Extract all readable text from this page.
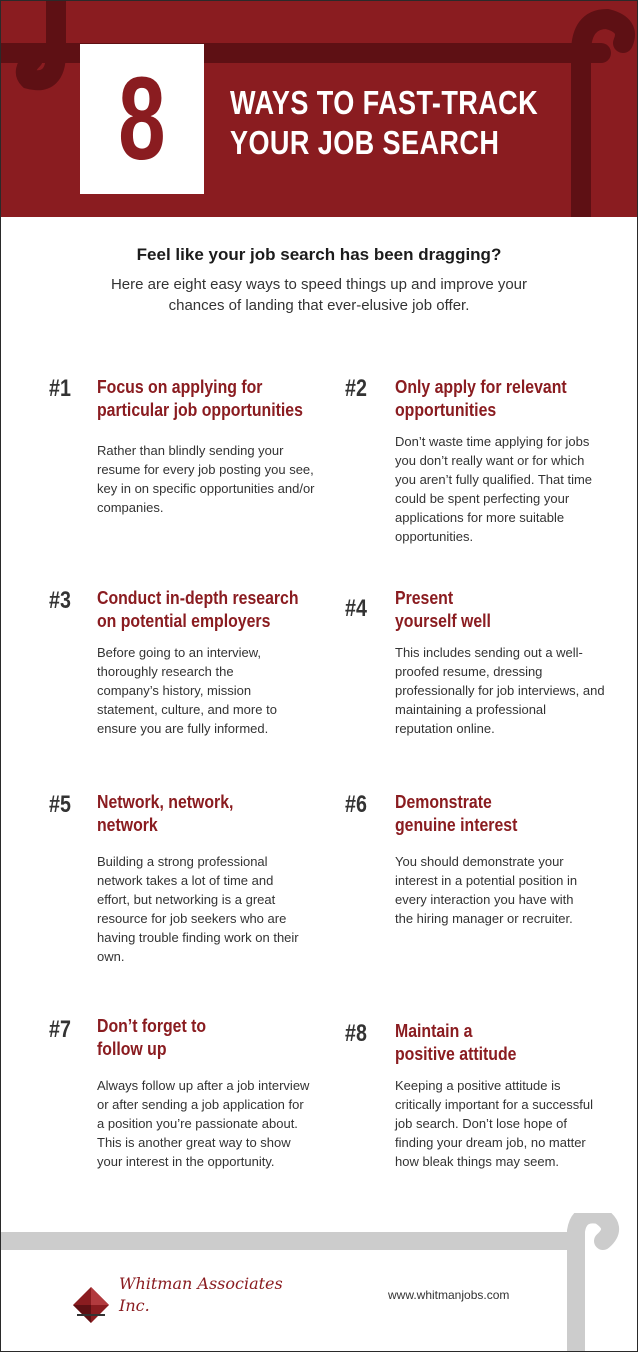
8 WAYS TO FAST-TRACK
YOUR JOB SEARCH
Feel like your job search has been dragging?
Here are eight easy ways to speed things up and improve your chances of landing that ever-elusive job offer.
#1 Focus on applying for particular job opportunities
Rather than blindly sending your resume for every job posting you see, key in on specific opportunities and/or companies.
#2 Only apply for relevant opportunities
Don’t waste time applying for jobs you don’t really want or for which you aren’t fully qualified. That time could be spent perfecting your applications for more suitable opportunities.
#3 Conduct in-depth research on potential employers
Before going to an interview, thoroughly research the company’s history, mission statement, culture, and more to ensure you are fully informed.
#4 Present yourself well
This includes sending out a well-proofed resume, dressing professionally for job interviews, and maintaining a professional reputation online.
#5 Network, network, network
Building a strong professional network takes a lot of time and effort, but networking is a great resource for job seekers who are having trouble finding work on their own.
#6 Demonstrate genuine interest
You should demonstrate your interest in a potential position in every interaction you have with the hiring manager or recruiter.
#7 Don’t forget to follow up
Always follow up after a job interview or after sending a job application for a position you’re passionate about. This is another great way to show your interest in the opportunity.
#8 Maintain a positive attitude
Keeping a positive attitude is critically important for a successful job search. Don’t lose hope of finding your dream job, no matter how bleak things may seem.
Whitman Associates
Inc.
www.whitmanjobs.com
